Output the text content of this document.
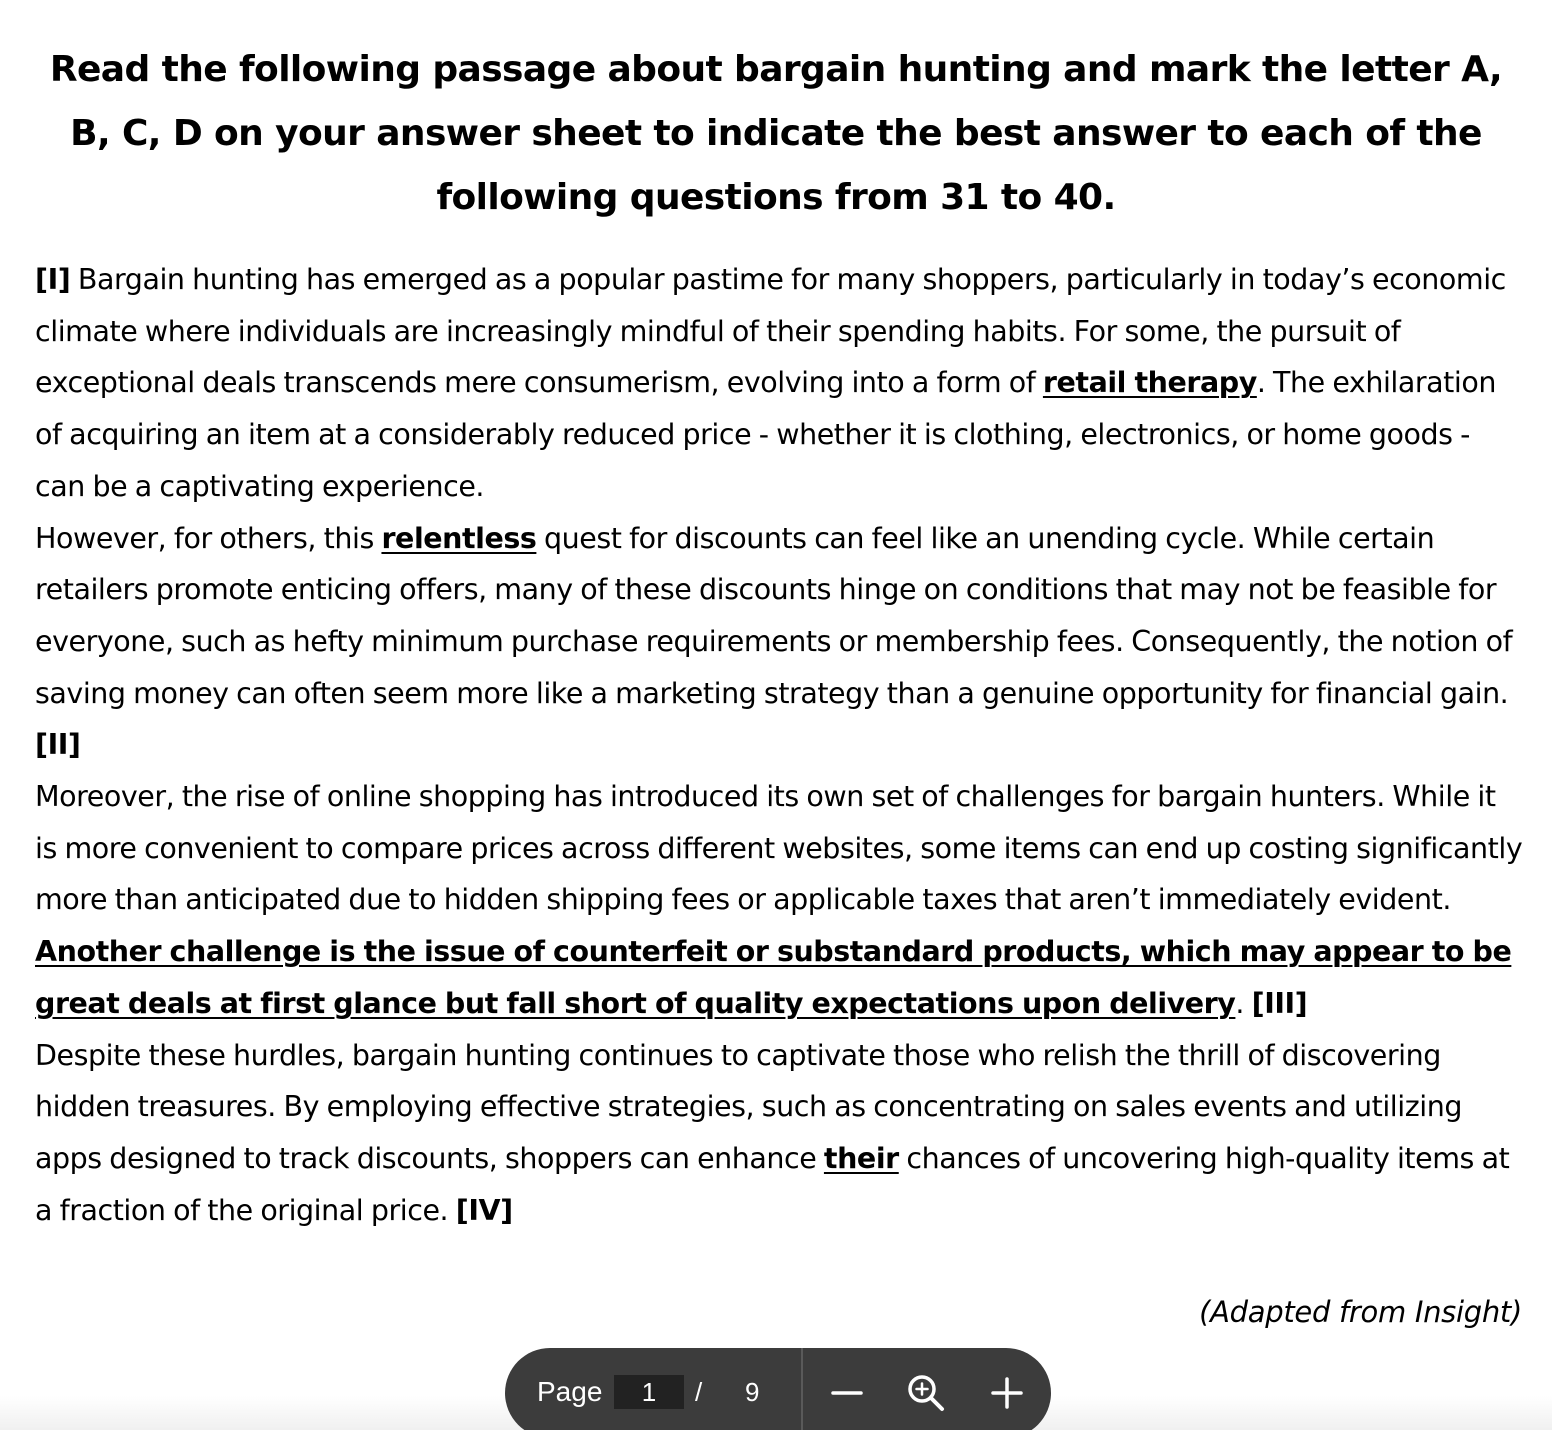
Read the following passage about bargain hunting and mark the letter A, B, C, D on your answer sheet to indicate the best answer to each of the following questions from 31 to 40.

[I] Bargain hunting has emerged as a popular pastime for many shoppers, particularly in today’s economic climate where individuals are increasingly mindful of their spending habits. For some, the pursuit of exceptional deals transcends mere consumerism, evolving into a form of retail therapy. The exhilaration of acquiring an item at a considerably reduced price - whether it is clothing, electronics, or home goods - can be a captivating experience.

However, for others, this relentless quest for discounts can feel like an unending cycle. While certain retailers promote enticing offers, many of these discounts hinge on conditions that may not be feasible for everyone, such as hefty minimum purchase requirements or membership fees. Consequently, the notion of saving money can often seem more like a marketing strategy than a genuine opportunity for financial gain. [II]

Moreover, the rise of online shopping has introduced its own set of challenges for bargain hunters. While it is more convenient to compare prices across different websites, some items can end up costing significantly more than anticipated due to hidden shipping fees or applicable taxes that aren’t immediately evident. Another challenge is the issue of counterfeit or substandard products, which may appear to be great deals at first glance but fall short of quality expectations upon delivery. [III]

Despite these hurdles, bargain hunting continues to captivate those who relish the thrill of discovering hidden treasures. By employing effective strategies, such as concentrating on sales events and utilizing apps designed to track discounts, shoppers can enhance their chances of uncovering high-quality items at a fraction of the original price. [IV]

(Adapted from Insight)
Page
1	/ 9
